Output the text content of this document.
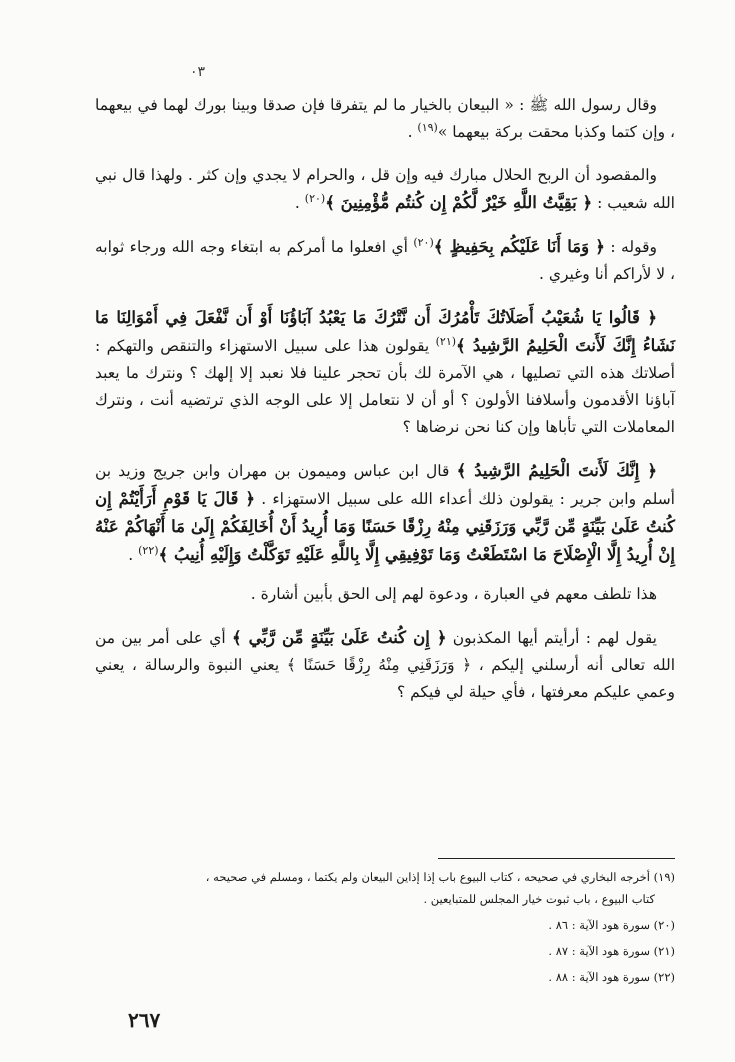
٠٣

وقال رسول الله ﷺ : « البيعان بالخيار ما لم يتفرقا فإن صدقا وبينا بورك لهما في بيعهما ، وإن كتما وكذبا محقت بركة بيعهما »$^{(١٩)}$ .

والمقصود أن الربح الحلال مبارك فيه وإن قل ، والحرام لا يجدي وإن كثر . ولهذا قال نبي الله شعيب : ﴿ بَقِيَّتُ اللَّهِ خَيْرٌ لَّكُمْ إِن كُنتُم مُّؤْمِنِينَ ﴾$^{(٢٠)}$ .

وقوله : ﴿ وَمَا أَنَا عَلَيْكُم بِحَفِيظٍ ﴾$^{(٢٠)}$ أي افعلوا ما أمركم به ابتغاء وجه الله ورجاء ثوابه ، لا لأراكم أنا وغيري .

﴿ قَالُوا يَا شُعَيْبُ أَصَلَاتُكَ تَأْمُرُكَ أَن نَّتْرُكَ مَا يَعْبُدُ آبَاؤُنَا أَوْ أَن نَّفْعَلَ فِي أَمْوَالِنَا مَا نَشَاءُ إِنَّكَ لَأَنتَ الْحَلِيمُ الرَّشِيدُ ﴾$^{(٢١)}$ يقولون هذا على سبيل الاستهزاء والتنقص والتهكم : أصلاتك هذه التي تصليها ، هي الآمرة لك بأن تحجر علينا فلا نعبد إلا إلهك ؟ ونترك ما يعبد آباؤنا الأقدمون وأسلافنا الأولون ؟ أو أن لا نتعامل إلا على الوجه الذي ترتضيه أنت ، ونترك المعاملات التي تأباها وإن كنا نحن نرضاها ؟

﴿ إِنَّكَ لَأَنتَ الْحَلِيمُ الرَّشِيدُ ﴾ قال ابن عباس وميمون بن مهران وابن جريج وزيد بن أسلم وابن جرير : يقولون ذلك أعداء الله على سبيل الاستهزاء . ﴿ قَالَ يَا قَوْمِ أَرَأَيْتُمْ إِن كُنتُ عَلَىٰ بَيِّنَةٍ مِّن رَّبِّي وَرَزَقَنِي مِنْهُ رِزْقًا حَسَنًا وَمَا أُرِيدُ أَنْ أُخَالِفَكُمْ إِلَىٰ مَا أَنْهَاكُمْ عَنْهُ إِنْ أُرِيدُ إِلَّا الْإِصْلَاحَ مَا اسْتَطَعْتُ وَمَا تَوْفِيقِي إِلَّا بِاللَّهِ عَلَيْهِ تَوَكَّلْتُ وَإِلَيْهِ أُنِيبُ ﴾$^{(٢٢)}$ .

هذا تلطف معهم في العبارة ، ودعوة لهم إلى الحق بأبين أشارة .

يقول لهم : أرأيتم أيها المكذبون ﴿ إِن كُنتُ عَلَىٰ بَيِّنَةٍ مِّن رَّبِّي ﴾ أي على أمر بين من الله تعالى أنه أرسلني إليكم ، ﴿ وَرَزَقَنِي مِنْهُ رِزْقًا حَسَنًا ﴾ يعني النبوة والرسالة ، يعني وعمي عليكم معرفتها ، فأي حيلة لي فيكم ؟

(١٩) أخرجه البخاري في صحيحه ، كتاب البيوع باب إذا إذاين البيعان ولم يكتما ، ومسلم في صحيحه ،
كتاب البيوع ، باب ثبوت خيار المجلس للمتبايعين .

(٢٠) سورة هود الآية : ٨٦ .

(٢١) سورة هود الآية : ٨٧ .

(٢٢) سورة هود الآية : ٨٨ .

٢٦٧
